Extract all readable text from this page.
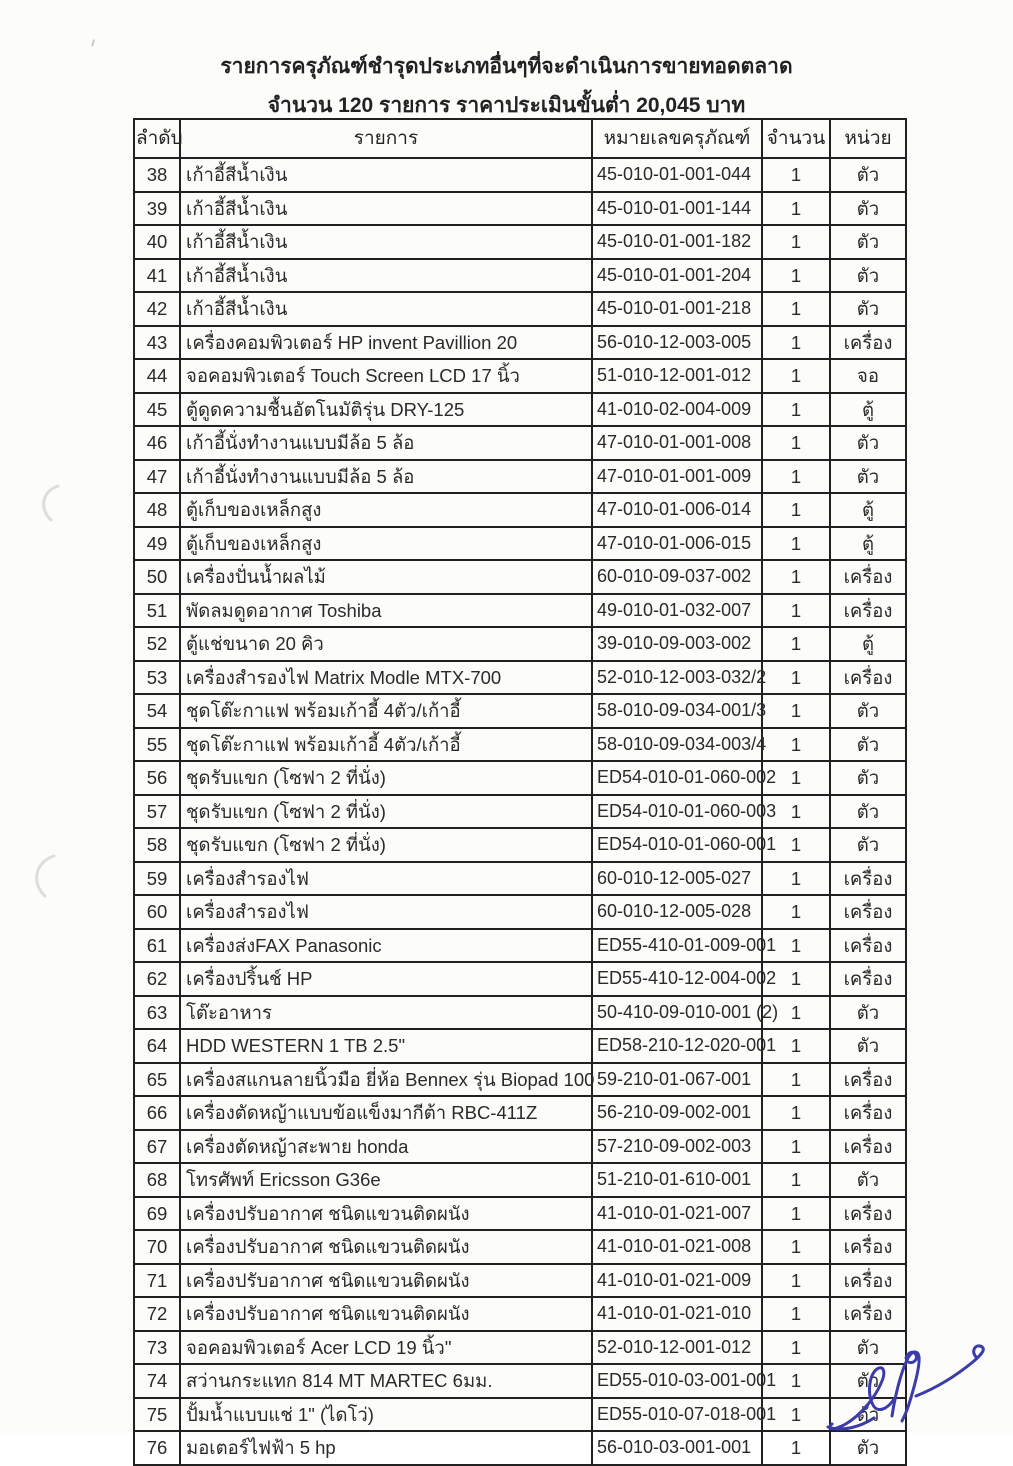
รายการครุภัณฑ์ชำรุดประเภทอื่นๆที่จะดำเนินการขายทอดตลาด
จำนวน 120 รายการ ราคาประเมินขั้นต่ำ 20,045 บาท
ลำดับ	รายการ	หมายเลขครุภัณฑ์	จำนวน	หน่วย
38	เก้าอี้สีน้ำเงิน	45-010-01-001-044	1	ตัว
39	เก้าอี้สีน้ำเงิน	45-010-01-001-144	1	ตัว
40	เก้าอี้สีน้ำเงิน	45-010-01-001-182	1	ตัว
41	เก้าอี้สีน้ำเงิน	45-010-01-001-204	1	ตัว
42	เก้าอี้สีน้ำเงิน	45-010-01-001-218	1	ตัว
43	เครื่องคอมพิวเตอร์ HP invent Pavillion 20	56-010-12-003-005	1	เครื่อง
44	จอคอมพิวเตอร์ Touch Screen LCD 17 นิ้ว	51-010-12-001-012	1	จอ
45	ตู้ดูดความชื้นอัตโนมัติรุ่น DRY-125	41-010-02-004-009	1	ตู้
46	เก้าอี้นั่งทำงานแบบมีล้อ 5 ล้อ	47-010-01-001-008	1	ตัว
47	เก้าอี้นั่งทำงานแบบมีล้อ 5 ล้อ	47-010-01-001-009	1	ตัว
48	ตู้เก็บของเหล็กสูง	47-010-01-006-014	1	ตู้
49	ตู้เก็บของเหล็กสูง	47-010-01-006-015	1	ตู้
50	เครื่องปั่นน้ำผลไม้	60-010-09-037-002	1	เครื่อง
51	พัดลมดูดอากาศ Toshiba	49-010-01-032-007	1	เครื่อง
52	ตู้แช่ขนาด 20 คิว	39-010-09-003-002	1	ตู้
53	เครื่องสำรองไฟ Matrix Modle MTX-700	52-010-12-003-032/2	1	เครื่อง
54	ชุดโต๊ะกาแฟ พร้อมเก้าอี้ 4ตัว/เก้าอี้	58-010-09-034-001/3	1	ตัว
55	ชุดโต๊ะกาแฟ พร้อมเก้าอี้ 4ตัว/เก้าอี้	58-010-09-034-003/4	1	ตัว
56	ชุดรับแขก (โซฟา 2 ที่นั่ง)	ED54-010-01-060-002	1	ตัว
57	ชุดรับแขก (โซฟา 2 ที่นั่ง)	ED54-010-01-060-003	1	ตัว
58	ชุดรับแขก (โซฟา 2 ที่นั่ง)	ED54-010-01-060-001	1	ตัว
59	เครื่องสำรองไฟ	60-010-12-005-027	1	เครื่อง
60	เครื่องสำรองไฟ	60-010-12-005-028	1	เครื่อง
61	เครื่องส่งFAX Panasonic	ED55-410-01-009-001	1	เครื่อง
62	เครื่องปริ้นช์ HP	ED55-410-12-004-002	1	เครื่อง
63	โต๊ะอาหาร	50-410-09-010-001 (2)	1	ตัว
64	HDD WESTERN 1 TB 2.5"	ED58-210-12-020-001	1	ตัว
65	เครื่องสแกนลายนิ้วมือ ยี่ห้อ Bennex รุ่น Biopad 100	59-210-01-067-001	1	เครื่อง
66	เครื่องตัดหญ้าแบบข้อแข็งมากีต้า RBC-411Z	56-210-09-002-001	1	เครื่อง
67	เครื่องตัดหญ้าสะพาย honda	57-210-09-002-003	1	เครื่อง
68	โทรศัพท์ Ericsson G36e	51-210-01-610-001	1	ตัว
69	เครื่องปรับอากาศ ชนิดแขวนติดผนัง	41-010-01-021-007	1	เครื่อง
70	เครื่องปรับอากาศ ชนิดแขวนติดผนัง	41-010-01-021-008	1	เครื่อง
71	เครื่องปรับอากาศ ชนิดแขวนติดผนัง	41-010-01-021-009	1	เครื่อง
72	เครื่องปรับอากาศ ชนิดแขวนติดผนัง	41-010-01-021-010	1	เครื่อง
73	จอคอมพิวเตอร์ Acer LCD 19 นิ้ว"	52-010-12-001-012	1	ตัว
74	สว่านกระแทก 814 MT MARTEC 6มม.	ED55-010-03-001-001	1	ตัว
75	ปั้มน้ำแบบแช่ 1" (ไดโว่)	ED55-010-07-018-001	1	ตัว
76	มอเตอร์ไฟฟ้า 5 hp	56-010-03-001-001	1	ตัว
